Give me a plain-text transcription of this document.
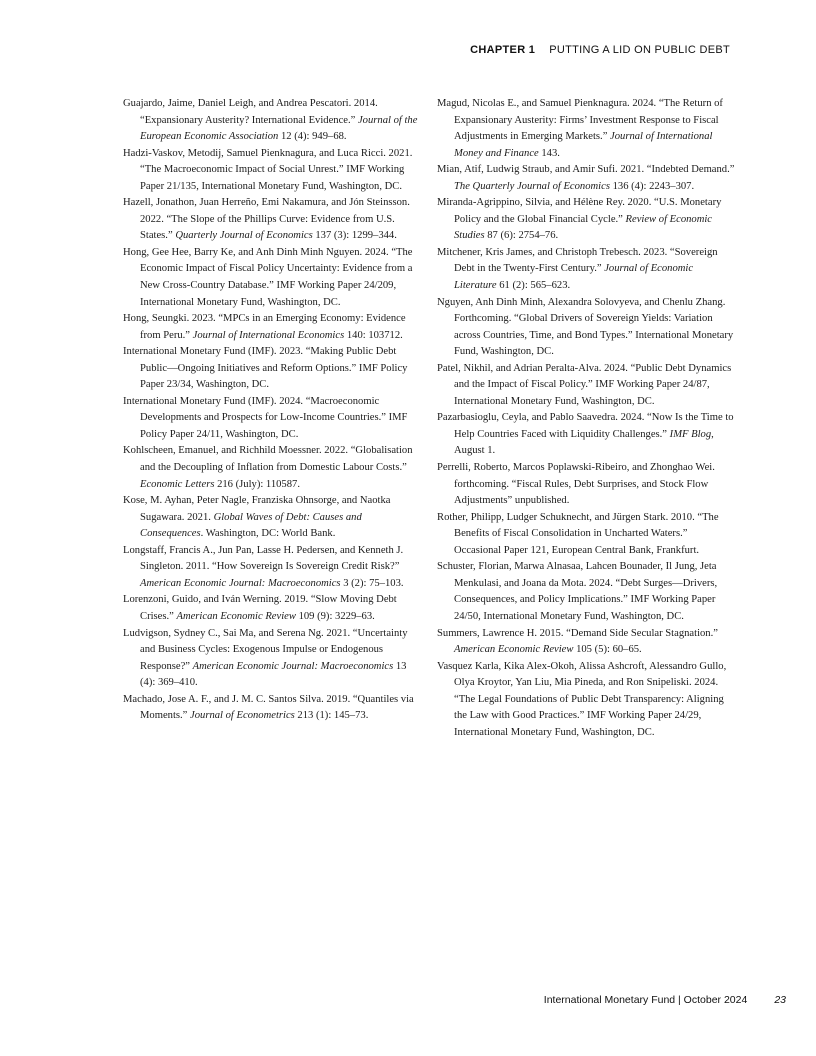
CHAPTER 1 PUTTING A LID ON PUBLIC DEBT

Guajardo, Jaime, Daniel Leigh, and Andrea Pescatori. 2014. “Expansionary Austerity? International Evidence.” Journal of the European Economic Association 12 (4): 949–68.

Hadzi-Vaskov, Metodij, Samuel Pienknagura, and Luca Ricci. 2021. “The Macroeconomic Impact of Social Unrest.” IMF Working Paper 21/135, International Monetary Fund, Washington, DC.

Hazell, Jonathon, Juan Herreño, Emi Nakamura, and Jón Steinsson. 2022. “The Slope of the Phillips Curve: Evidence from U.S. States.” Quarterly Journal of Economics 137 (3): 1299–344.

Hong, Gee Hee, Barry Ke, and Anh Dinh Minh Nguyen. 2024. “The Economic Impact of Fiscal Policy Uncertainty: Evidence from a New Cross-Country Database.” IMF Working Paper 24/209, International Monetary Fund, Washington, DC.

Hong, Seungki. 2023. “MPCs in an Emerging Economy: Evidence from Peru.” Journal of International Economics 140: 103712.

International Monetary Fund (IMF). 2023. “Making Public Debt Public—Ongoing Initiatives and Reform Options.” IMF Policy Paper 23/34, Washington, DC.

International Monetary Fund (IMF). 2024. “Macroeconomic Developments and Prospects for Low-Income Countries.” IMF Policy Paper 24/11, Washington, DC.

Kohlscheen, Emanuel, and Richhild Moessner. 2022. “Globalisation and the Decoupling of Inflation from Domestic Labour Costs.” Economic Letters 216 (July): 110587.

Kose, M. Ayhan, Peter Nagle, Franziska Ohnsorge, and Naotka Sugawara. 2021. Global Waves of Debt: Causes and Consequences. Washington, DC: World Bank.

Longstaff, Francis A., Jun Pan, Lasse H. Pedersen, and Kenneth J. Singleton. 2011. “How Sovereign Is Sovereign Credit Risk?” American Economic Journal: Macroeconomics 3 (2): 75–103.

Lorenzoni, Guido, and Iván Werning. 2019. “Slow Moving Debt Crises.” American Economic Review 109 (9): 3229–63.

Ludvigson, Sydney C., Sai Ma, and Serena Ng. 2021. “Uncertainty and Business Cycles: Exogenous Impulse or Endogenous Response?” American Economic Journal: Macroeconomics 13 (4): 369–410.

Machado, Jose A. F., and J. M. C. Santos Silva. 2019. “Quantiles via Moments.” Journal of Econometrics 213 (1): 145–73.

Magud, Nicolas E., and Samuel Pienknagura. 2024. “The Return of Expansionary Austerity: Firms’ Investment Response to Fiscal Adjustments in Emerging Markets.” Journal of International Money and Finance 143.

Mian, Atif, Ludwig Straub, and Amir Sufi. 2021. “Indebted Demand.” The Quarterly Journal of Economics 136 (4): 2243–307.

Miranda-Agrippino, Silvia, and Hélène Rey. 2020. “U.S. Monetary Policy and the Global Financial Cycle.” Review of Economic Studies 87 (6): 2754–76.

Mitchener, Kris James, and Christoph Trebesch. 2023. “Sovereign Debt in the Twenty-First Century.” Journal of Economic Literature 61 (2): 565–623.

Nguyen, Anh Dinh Minh, Alexandra Solovyeva, and Chenlu Zhang. Forthcoming. “Global Drivers of Sovereign Yields: Variation across Countries, Time, and Bond Types.” International Monetary Fund, Washington, DC.

Patel, Nikhil, and Adrian Peralta-Alva. 2024. “Public Debt Dynamics and the Impact of Fiscal Policy.” IMF Working Paper 24/87, International Monetary Fund, Washington, DC.

Pazarbasioglu, Ceyla, and Pablo Saavedra. 2024. “Now Is the Time to Help Countries Faced with Liquidity Challenges.” IMF Blog, August 1.

Perrelli, Roberto, Marcos Poplawski-Ribeiro, and Zhonghao Wei. forthcoming. “Fiscal Rules, Debt Surprises, and Stock Flow Adjustments” unpublished.

Rother, Philipp, Ludger Schuknecht, and Jürgen Stark. 2010. “The Benefits of Fiscal Consolidation in Uncharted Waters.” Occasional Paper 121, European Central Bank, Frankfurt.

Schuster, Florian, Marwa Alnasaa, Lahcen Bounader, Il Jung, Jeta Menkulasi, and Joana da Mota. 2024. “Debt Surges—Drivers, Consequences, and Policy Implications.” IMF Working Paper 24/50, International Monetary Fund, Washington, DC.

Summers, Lawrence H. 2015. “Demand Side Secular Stagnation.” American Economic Review 105 (5): 60–65.

Vasquez Karla, Kika Alex-Okoh, Alissa Ashcroft, Alessandro Gullo, Olya Kroytor, Yan Liu, Mia Pineda, and Ron Snipeliski. 2024. “The Legal Foundations of Public Debt Transparency: Aligning the Law with Good Practices.” IMF Working Paper 24/29, International Monetary Fund, Washington, DC.

International Monetary Fund | October 2024	23
